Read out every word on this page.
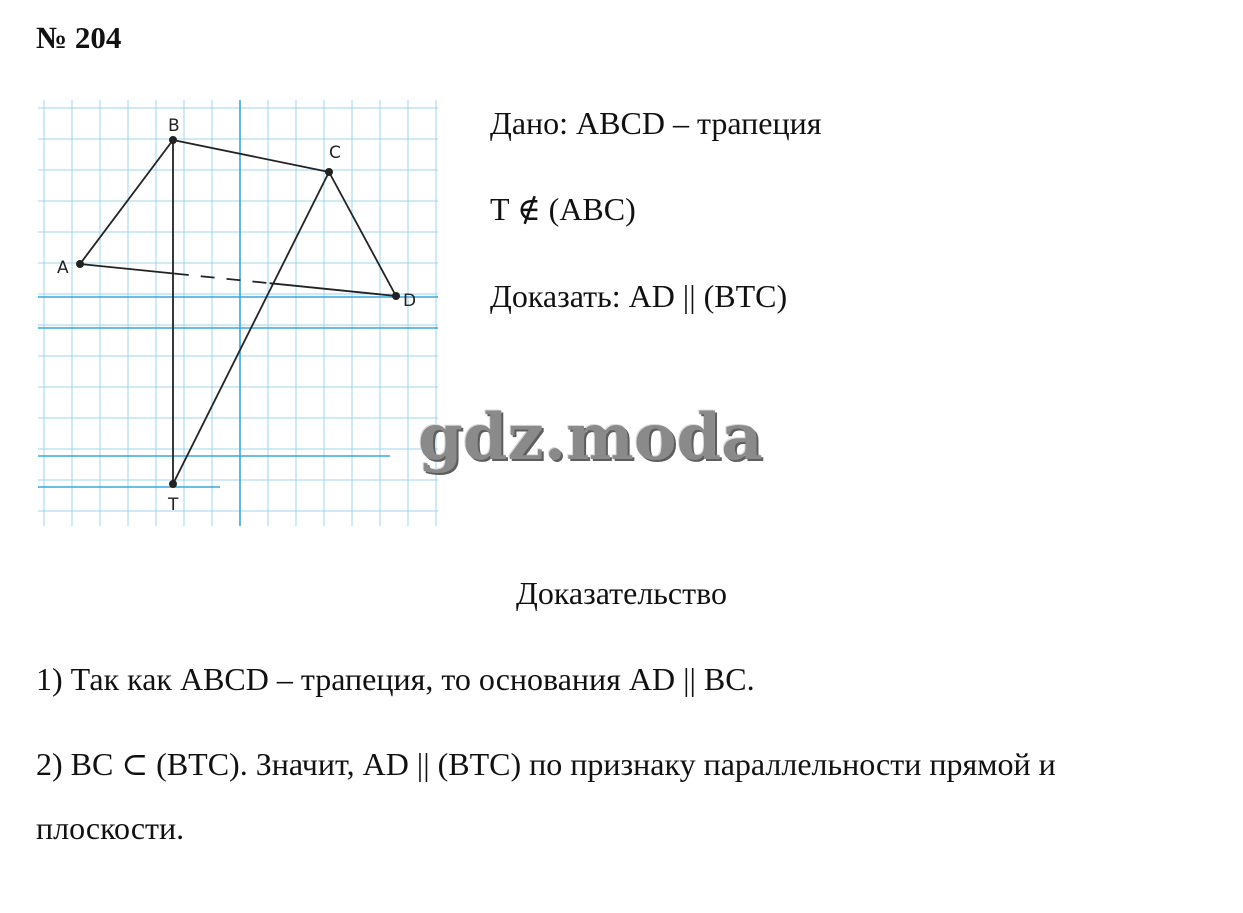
№ 204
B
C
A
D
T
Дано: ABCD – трапеция
T ∉ (ABC)
Доказать: AD || (BTC)
gdz.moda
Доказательство
1) Так как ABCD – трапеция, то основания AD || BC.
2) BC ⊂ (BTC). Значит, AD || (BTC) по признаку параллельности прямой и
плоскости.
